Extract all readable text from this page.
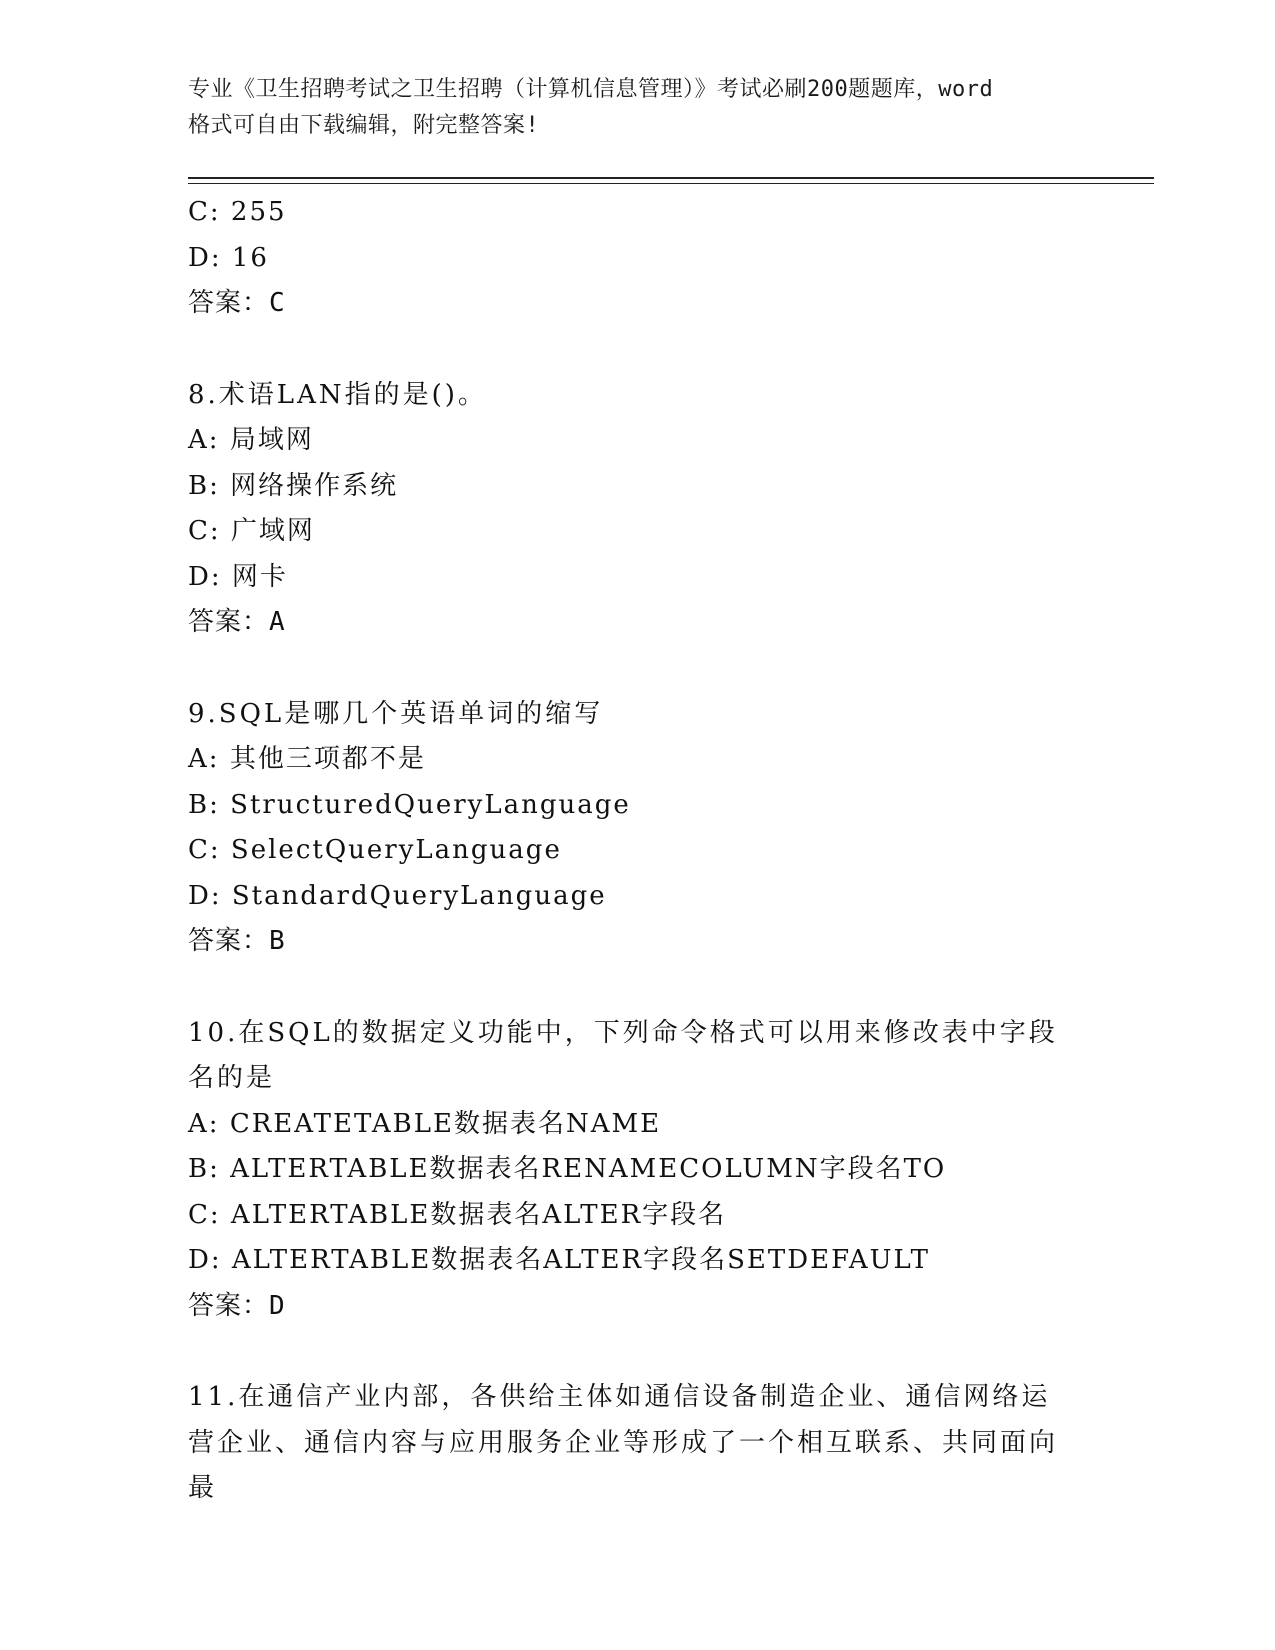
专业《卫生招聘考试之卫生招聘（计算机信息管理）》考试必刷200题题库，word
格式可自由下载编辑，附完整答案!
C: 255
D: 16
答案：C
8.术语LAN指的是()。
A: 局域网
B: 网络操作系统
C: 广域网
D: 网卡
答案：A
9.SQL是哪几个英语单词的缩写
A: 其他三项都不是
B: StructuredQueryLanguage
C: SelectQueryLanguage
D: StandardQueryLanguage
答案：B
10.在SQL的数据定义功能中，下列命令格式可以用来修改表中字段名的是
A: CREATETABLE数据表名NAME
B: ALTERTABLE数据表名RENAMECOLUMN字段名TO
C: ALTERTABLE数据表名ALTER字段名
D: ALTERTABLE数据表名ALTER字段名SETDEFAULT
答案：D
11.在通信产业内部，各供给主体如通信设备制造企业、通信网络运营企业、通信内容与应用服务企业等形成了一个相互联系、共同面向最
